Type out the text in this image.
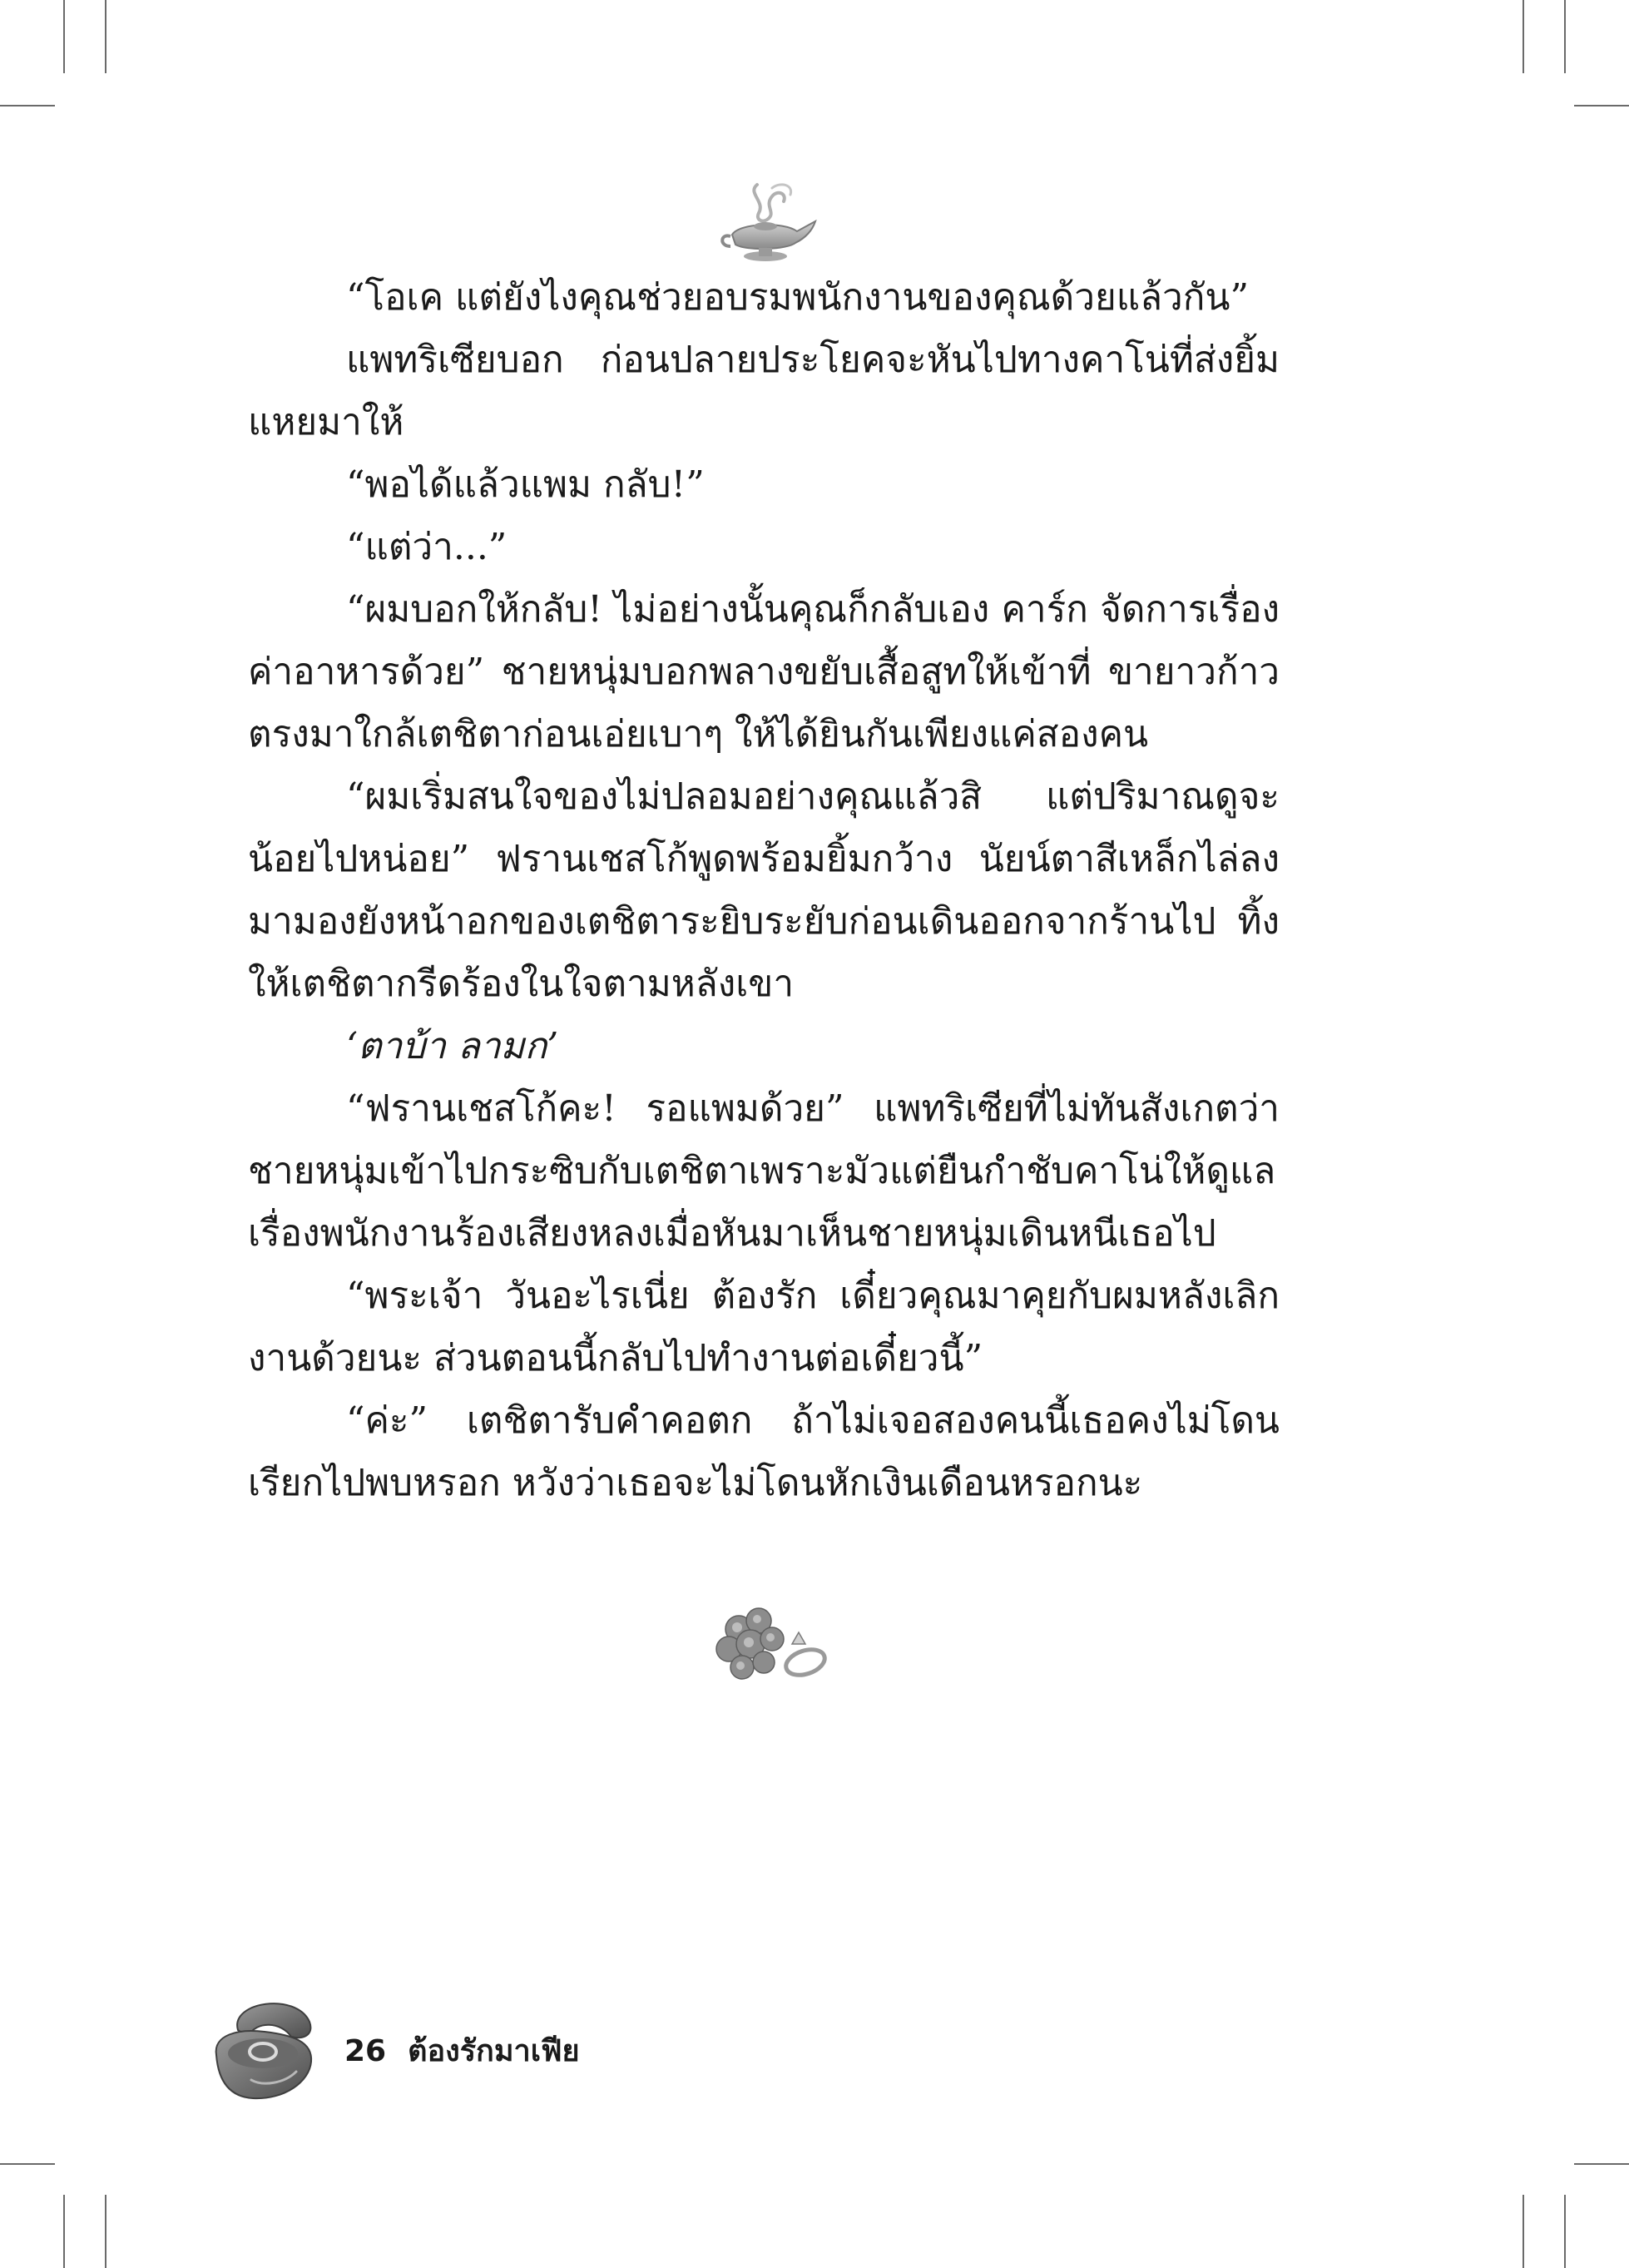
“โอเค แต่ยังไงคุณช่วยอบรมพนักงานของคุณด้วยแล้วกัน”

แพทริเซียบอก ก่อนปลายประโยคจะหันไปทางคาโน่ที่ส่งยิ้มแหยมาให้

“พอได้แล้วแพม กลับ!”

“แต่ว่า...”

“ผมบอกให้กลับ! ไม่อย่างนั้นคุณก็กลับเอง คาร์ก จัดการเรื่องค่าอาหารด้วย” ชายหนุ่มบอกพลางขยับเสื้อสูทให้เข้าที่ ขายาวก้าวตรงมาใกล้เตชิตาก่อนเอ่ยเบาๆ ให้ได้ยินกันเพียงแค่สองคน

“ผมเริ่มสนใจของไม่ปลอมอย่างคุณแล้วสิ แต่ปริมาณดูจะน้อยไปหน่อย” ฟรานเชสโก้พูดพร้อมยิ้มกว้าง นัยน์ตาสีเหล็กไล่ลงมามองยังหน้าอกของเตชิตาระยิบระยับก่อนเดินออกจากร้านไป ทิ้งให้เตชิตากรีดร้องในใจตามหลังเขา

‘ตาบ้า ลามก’

“ฟรานเชสโก้คะ! รอแพมด้วย” แพทริเซียที่ไม่ทันสังเกตว่าชายหนุ่มเข้าไปกระซิบกับเตชิตาเพราะมัวแต่ยืนกำชับคาโน่ให้ดูแลเรื่องพนักงานร้องเสียงหลงเมื่อหันมาเห็นชายหนุ่มเดินหนีเธอไป

“พระเจ้า วันอะไรเนี่ย ต้องรัก เดี๋ยวคุณมาคุยกับผมหลังเลิกงานด้วยนะ ส่วนตอนนี้กลับไปทำงานต่อเดี๋ยวนี้”

“ค่ะ” เตชิตารับคำคอตก ถ้าไม่เจอสองคนนี้เธอคงไม่โดนเรียกไปพบหรอก หวังว่าเธอจะไม่โดนหักเงินเดือนหรอกนะ

26 ต้องรักมาเฟีย
